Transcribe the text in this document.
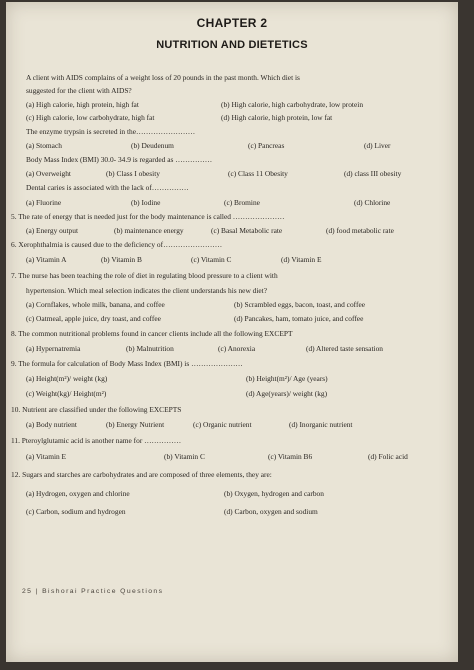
CHAPTER 2
NUTRITION AND DIETETICS
A client with AIDS complains of a weight loss of 20 pounds in the past month. Which diet is
suggested for the client with AIDS?
(a) High calorie, high protein, high fat	(b) High calorie, high carbohydrate, low protein
(c) High calorie, low carbohydrate, high fat	(d) High calorie, high protein, low fat
The enzyme trypsin is secreted in the……………………
(a) Stomach	(b) Deudenum	(c) Pancreas	(d) Liver
Body Mass Index (BMI) 30.0- 34.9 is regarded as ……………
(a) Overweight	(b) Class I obesity	(c) Class 11 Obesity	(d) class III obesity
Dental caries is associated with the lack of……………
(a) Fluorine	(b) Iodine	(c) Bromine	(d) Chlorine
5. The rate of energy that is needed just for the body maintenance is called …………………
(a) Energy output	(b) maintenance energy	(c) Basal Metabolic rate	(d) food metabolic rate
6. Xerophthalmia is caused due to the deficiency of……………………
(a) Vitamin A	(b) Vitamin B	(c) Vitamin C	(d) Vitamin E
7. The nurse has been teaching the role of diet in regulating blood pressure to a client with
hypertension. Which meal selection indicates the client understands his new diet?
(a) Cornflakes, whole milk, banana, and coffee	(b) Scrambled eggs, bacon, toast, and coffee
(c) Oatmeal, apple juice, dry toast, and coffee	(d) Pancakes, ham, tomato juice, and coffee
8. The common nutritional problems found in cancer clients include all the following EXCEPT
(a) Hypernatremia	(b) Malnutrition	(c) Anorexia	(d) Altered taste sensation
9. The formula for calculation of Body Mass Index (BMI) is …………………
(a) Height(m²)/ weight (kg)	(b) Height(m²)/ Age (years)
(c) Weight(kg)/ Height(m²)	(d) Age(years)/ weight (kg)
10. Nutrient are classified under the following EXCEPTS
(a) Body nutrient	(b) Energy Nutrient	(c) Organic nutrient	(d) Inorganic nutrient
11. Pteroylglutamic acid is another name for ……………
(a) Vitamin E	(b) Vitamin C	(c) Vitamin B6	(d) Folic acid
12. Sugars and starches are carbohydrates and are composed of three elements, they are:
(a) Hydrogen, oxygen and chlorine	(b) Oxygen, hydrogen and carbon
(c) Carbon, sodium and hydrogen	(d) Carbon, oxygen and sodium
25 | Bishorai Practice Questions
